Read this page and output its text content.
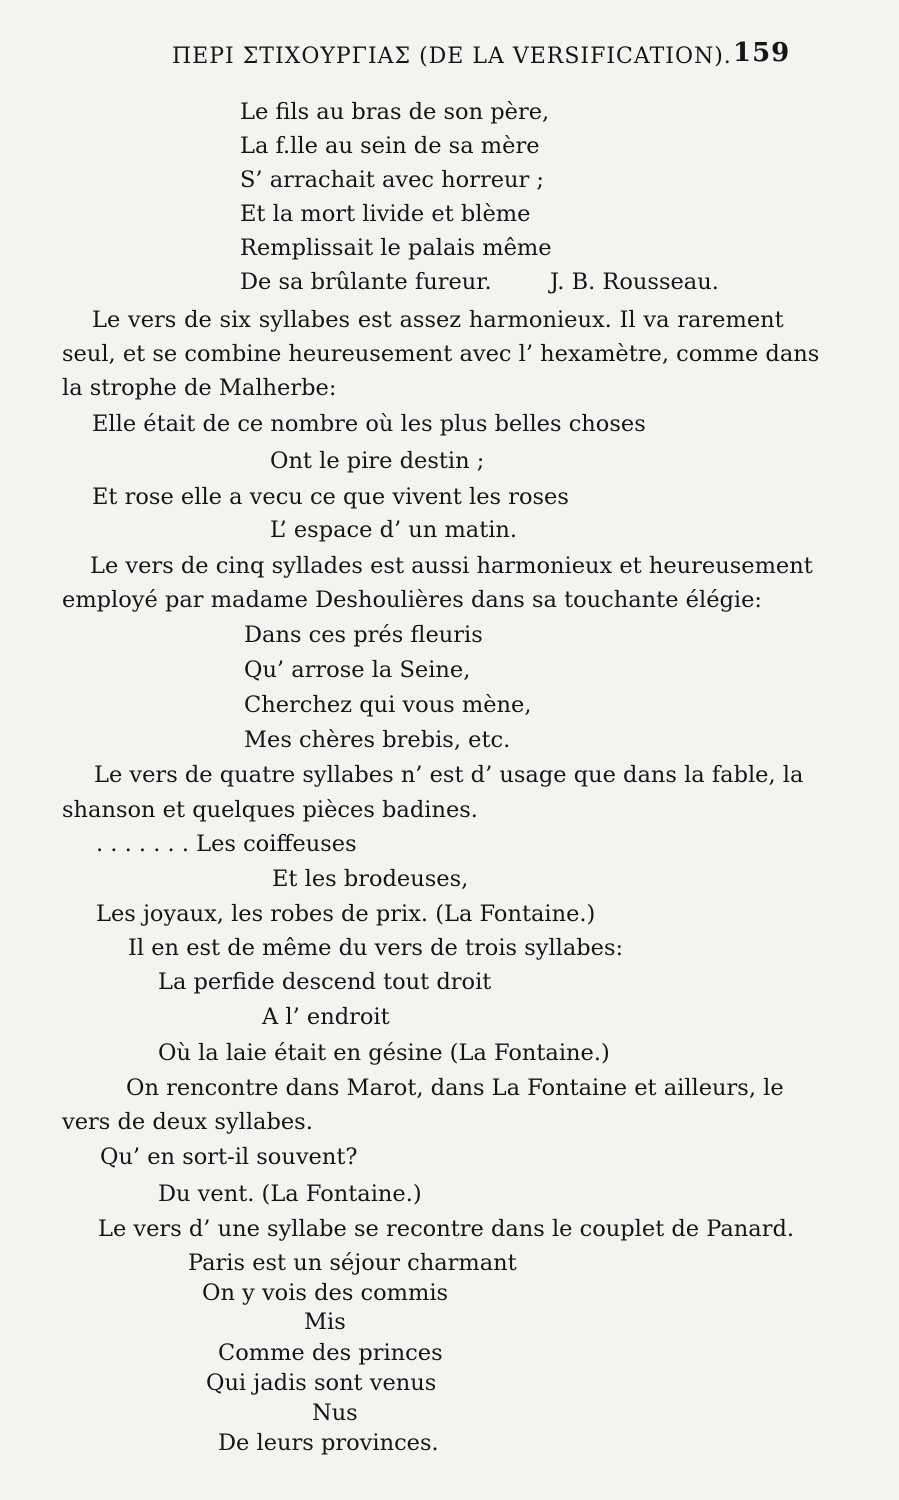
ΠΕΡΙ ΣΤΙΧΟΥΡΓΙΑΣ (DE LA VERSIFICATION). 159
Le fils au bras de son père,
La f.lle au sein de sa mère
S’ arrachait avec horreur ;
Et la mort livide et blème
Remplissait le palais même
De sa brûlante fureur.	J. B. Rousseau.
Le vers de six syllabes est assez harmonieux. Il va rarement
seul, et se combine heureusement avec l’ hexamètre, comme dans
la strophe de Malherbe:
Elle était de ce nombre où les plus belles choses
Ont le pire destin ;
Et rose elle a vecu ce que vivent les roses
L’ espace d’ un matin.
Le vers de cinq syllades est aussi harmonieux et heureusement
employé par madame Deshoulières dans sa touchante élégie:
Dans ces prés fleuris
Qu’ arrose la Seine,
Cherchez qui vous mène,
Mes chères brebis, etc.
Le vers de quatre syllabes n’ est d’ usage que dans la fable, la
shanson et quelques pièces badines.
. . . . . . . Les coiffeuses
Et les brodeuses,
Les joyaux, les robes de prix. (La Fontaine.)
Il en est de même du vers de trois syllabes:
La perfide descend tout droit
A l’ endroit
Où la laie était en gésine (La Fontaine.)
On rencontre dans Marot, dans La Fontaine et ailleurs, le
vers de deux syllabes.
Qu’ en sort-il souvent?
Du vent. (La Fontaine.)
Le vers d’ une syllabe se recontre dans le couplet de Panard.
Paris est un séjour charmant
On y vois des commis
Mis
Comme des princes
Qui jadis sont venus
Nus
De leurs provinces.
